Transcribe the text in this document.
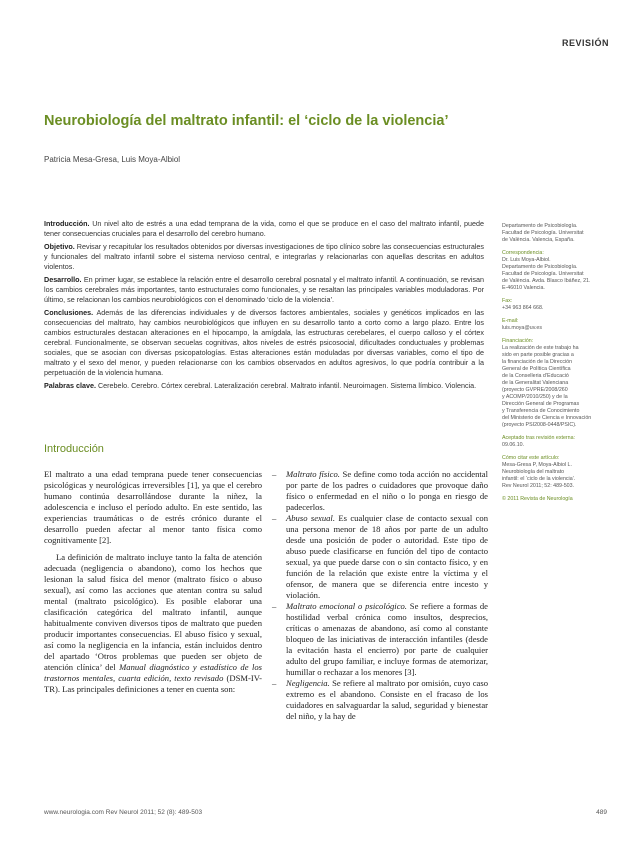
REVISIÓN
Neurobiología del maltrato infantil: el ‘ciclo de la violencia’
Patricia Mesa-Gresa, Luis Moya-Albiol

Introducción. Un nivel alto de estrés a una edad temprana de la vida, como el que se produce en el caso del maltrato infantil, puede tener consecuencias cruciales para el desarrollo del cerebro humano.

Objetivo. Revisar y recapitular los resultados obtenidos por diversas investigaciones de tipo clínico sobre las consecuencias estructurales y funcionales del maltrato infantil sobre el sistema nervioso central, e integrarlas y relacionarlas con aquellas descritas en adultos violentos.

Desarrollo. En primer lugar, se establece la relación entre el desarrollo cerebral posnatal y el maltrato infantil. A continuación, se revisan los cambios cerebrales más importantes, tanto estructurales como funcionales, y se resaltan las principales variables moduladoras. Por último, se relacionan los cambios neurobiológicos con el denominado ‘ciclo de la violencia’.

Conclusiones. Además de las diferencias individuales y de diversos factores ambientales, sociales y genéticos implicados en las consecuencias del maltrato, hay cambios neurobiológicos que influyen en su desarrollo tanto a corto como a largo plazo. Entre los cambios estructurales destacan alteraciones en el hipocampo, la amígdala, las estructuras cerebelares, el cuerpo calloso y el córtex cerebral. Funcionalmente, se observan secuelas cognitivas, altos niveles de estrés psicosocial, dificultades conductuales y problemas sociales, que se asocian con diversas psicopatologías. Estas alteraciones están moduladas por diversas variables, como el tipo de maltrato y el sexo del menor, y pueden relacionarse con los cambios observados en adultos agresivos, lo que podría contribuir a la perpetuación de la violencia humana.

Palabras clave. Cerebelo. Cerebro. Córtex cerebral. Lateralización cerebral. Maltrato infantil. Neuroimagen. Sistema límbico. Violencia.

Departamento de Psicobiología.
Facultad de Psicología. Universitat
de València. Valencia, España.
Correspondencia:
Dr. Luis Moya-Albiol.
Departamento de Psicobiología.
Facultad de Psicología. Universitat
de València. Avda. Blasco Ibáñez, 21.
E-46010 Valencia.
Fax:
+34 963 864 668.
E-mail:
luis.moya@uv.es
Financiación:
La realización de este trabajo ha
sido en parte posible gracias a
la financiación de la Dirección
General de Política Científica
de la Conselleria d’Educació
de la Generalitat Valenciana
(proyecto GVPRE/2008/260
y ACOMP/2010/250) y de la
Dirección General de Programas
y Transferencia de Conocimiento
del Ministerio de Ciencia e Innovación
(proyecto PSI2008-0448/PSIC).
Aceptado tras revisión externa:
09.06.10.
Cómo citar este artículo:
Mesa-Gresa P, Moya-Albiol L.
Neurobiología del maltrato
infantil: el ‘ciclo de la violencia’.
Rev Neurol 2011; 52: 489-503.
© 2011 Revista de Neurología
Introducción

El maltrato a una edad temprana puede tener consecuencias psicológicas y neurológicas irreversibles [1], ya que el cerebro humano continúa desarrollándose durante la niñez, la adolescencia e incluso el período adulto. En este sentido, las experiencias traumáticas o de estrés crónico durante el desarrollo pueden afectar al menor tanto física como cognitivamente [2].

La definición de maltrato incluye tanto la falta de atención adecuada (negligencia o abandono), como los hechos que lesionan la salud física del menor (maltrato físico o abuso sexual), así como las acciones que atentan contra su salud mental (maltrato psicológico). Es posible elaborar una clasificación categórica del maltrato infantil, aunque habitualmente conviven diversos tipos de maltrato que pueden producir importantes consecuencias. El abuso físico y sexual, así como la negligencia en la infancia, están incluidos dentro del apartado ‘Otros problemas que pueden ser objeto de atención clínica’ del Manual diagnóstico y estadístico de los trastornos mentales, cuarta edición, texto revisado (DSM-IV-TR). Las principales definiciones a tener en cuenta son:

– Maltrato físico. Se define como toda acción no accidental por parte de los padres o cuidadores que provoque daño físico o enfermedad en el niño o lo ponga en riesgo de padecerlos.

– Abuso sexual. Es cualquier clase de contacto sexual con una persona menor de 18 años por parte de un adulto desde una posición de poder o autoridad. Este tipo de abuso puede clasificarse en función del tipo de contacto sexual, ya que puede darse con o sin contacto físico, y en función de la relación que existe entre la víctima y el ofensor, de manera que se diferencia entre incesto y violación.

– Maltrato emocional o psicológico. Se refiere a formas de hostilidad verbal crónica como insultos, desprecios, críticas o amenazas de abandono, así como al constante bloqueo de las iniciativas de interacción infantiles (desde la evitación hasta el encierro) por parte de cualquier adulto del grupo familiar, e incluye formas de atemorizar, humillar o rechazar a los menores [3].

– Negligencia. Se refiere al maltrato por omisión, cuyo caso extremo es el abandono. Consiste en el fracaso de los cuidadores en salvaguardar la salud, seguridad y bienestar del niño, y la hay de

www.neurologia.com Rev Neurol 2011; 52 (8): 489-503	489
